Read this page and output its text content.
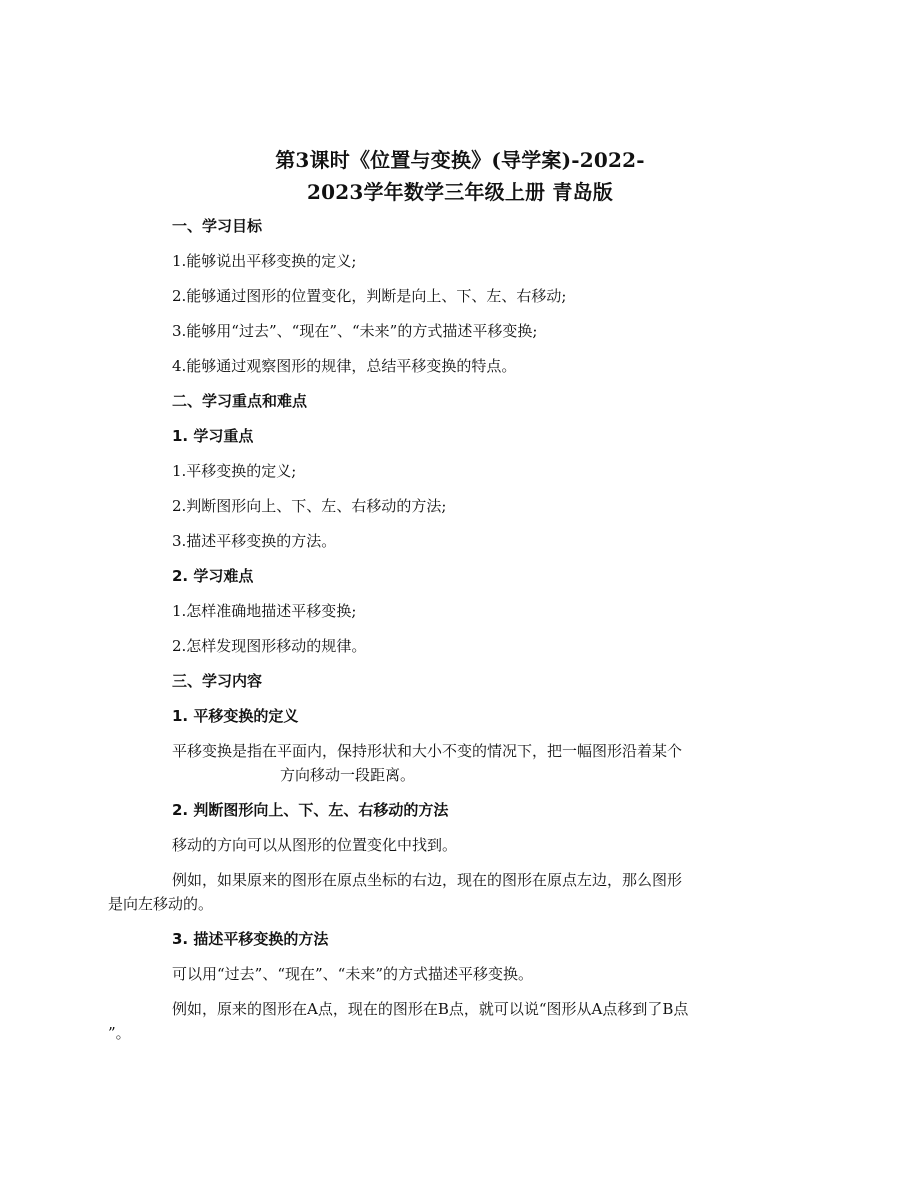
第3课时《位置与变换》(导学案)-2022-
2023学年数学三年级上册 青岛版
一、学习目标
1.能够说出平移变换的定义;
2.能够通过图形的位置变化，判断是向上、下、左、右移动;
3.能够用“过去”、“现在”、“未来”的方式描述平移变换;
4.能够通过观察图形的规律，总结平移变换的特点。
二、学习重点和难点
1. 学习重点
1.平移变换的定义;
2.判断图形向上、下、左、右移动的方法;
3.描述平移变换的方法。
2. 学习难点
1.怎样准确地描述平移变换;
2.怎样发现图形移动的规律。
三、学习内容
1. 平移变换的定义
平移变换是指在平面内，保持形状和大小不变的情况下，把一幅图形沿着某个
方向移动一段距离。
2. 判断图形向上、下、左、右移动的方法
移动的方向可以从图形的位置变化中找到。
例如，如果原来的图形在原点坐标的右边，现在的图形在原点左边，那么图形
是向左移动的。
3. 描述平移变换的方法
可以用“过去”、“现在”、“未来”的方式描述平移变换。
例如，原来的图形在A点，现在的图形在B点，就可以说“图形从A点移到了B点
”。
